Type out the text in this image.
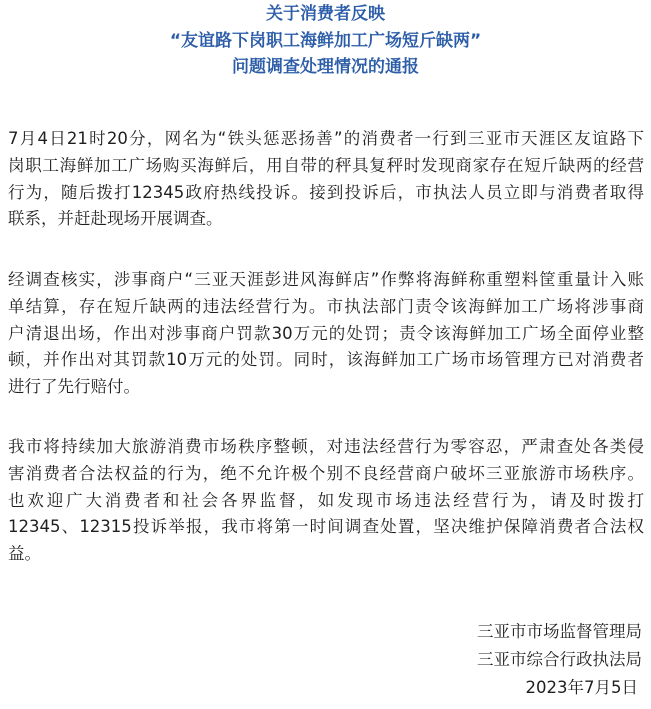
关于消费者反映
“友谊路下岗职工海鲜加工广场短斤缺两”
问题调查处理情况的通报
7月4日21时20分，网名为“铁头惩恶扬善”的消费者一行到三亚市天涯区友谊路下
岗职工海鲜加工广场购买海鲜后，用自带的秤具复秤时发现商家存在短斤缺两的经营
行为，随后拨打12345政府热线投诉。接到投诉后，市执法人员立即与消费者取得
联系，并赶赴现场开展调查。
经调查核实，涉事商户“三亚天涯彭进风海鲜店”作弊将海鲜称重塑料筐重量计入账
单结算，存在短斤缺两的违法经营行为。市执法部门责令该海鲜加工广场将涉事商
户清退出场，作出对涉事商户罚款30万元的处罚；责令该海鲜加工广场全面停业整
顿，并作出对其罚款10万元的处罚。同时，该海鲜加工广场市场管理方已对消费者
进行了先行赔付。
我市将持续加大旅游消费市场秩序整顿，对违法经营行为零容忍，严肃查处各类侵
害消费者合法权益的行为，绝不允许极个别不良经营商户破坏三亚旅游市场秩序。
也欢迎广大消费者和社会各界监督，如发现市场违法经营行为，请及时拨打
12345、12315投诉举报，我市将第一时间调查处置，坚决维护保障消费者合法权
益。
三亚市市场监督管理局
三亚市综合行政执法局
2023年7月5日
